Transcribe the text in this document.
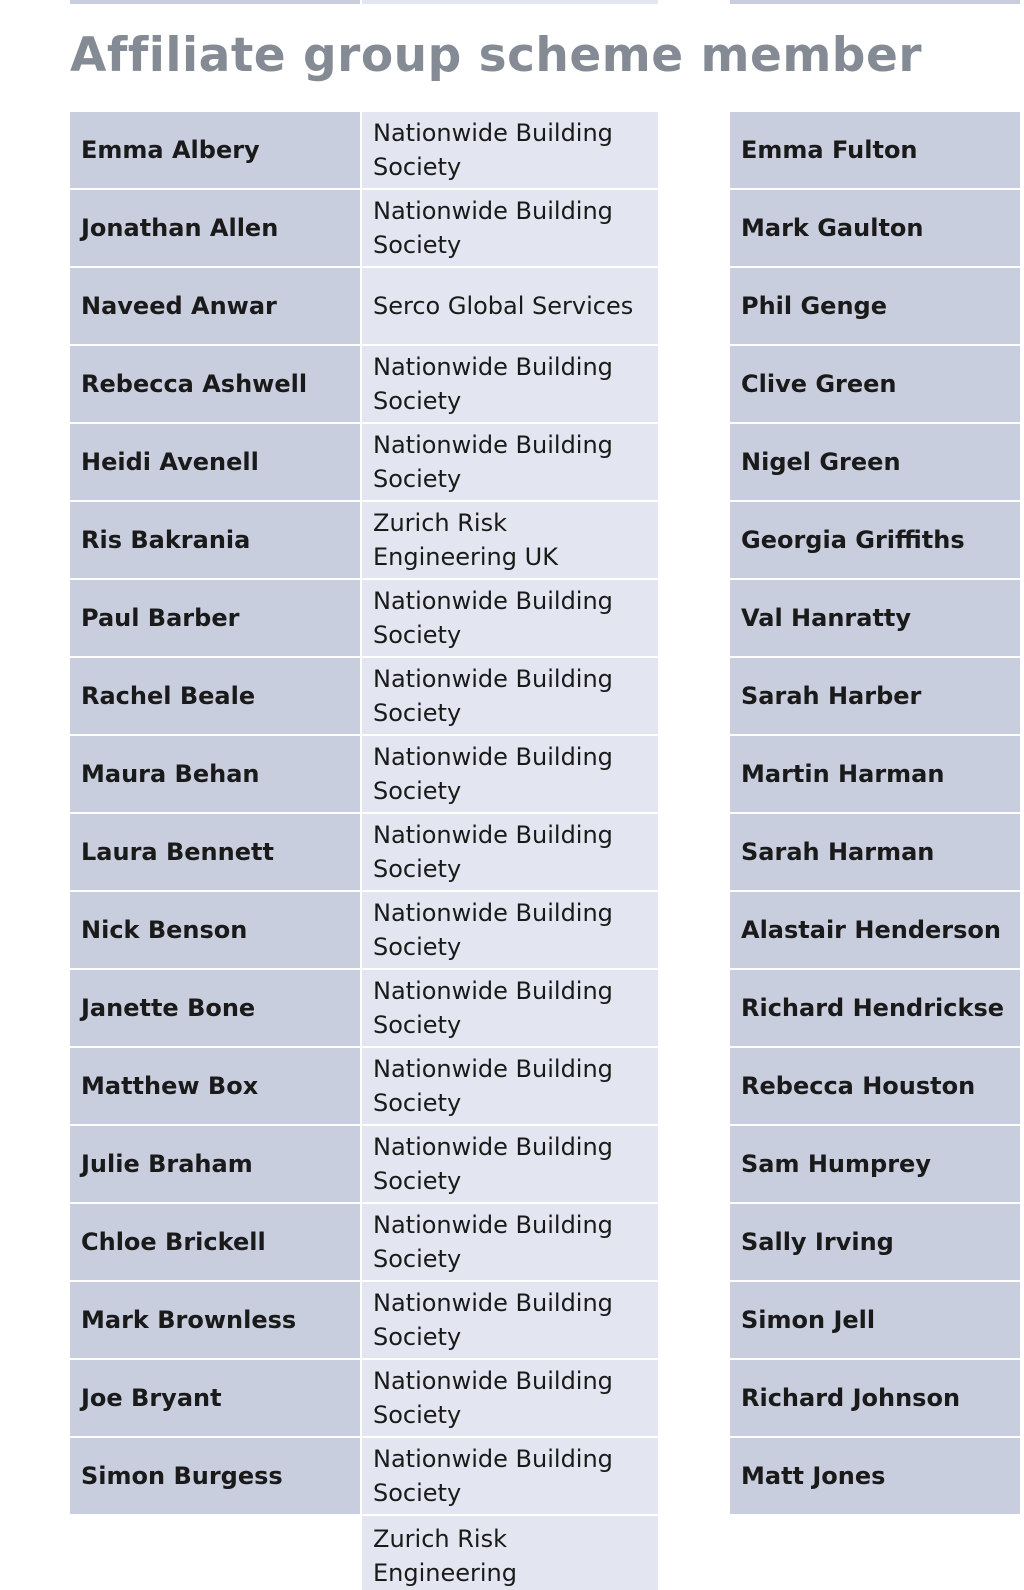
Affiliate group scheme member
Emma Albery
Nationwide Building Society
Jonathan Allen
Nationwide Building Society
Naveed Anwar	Serco Global Services
Rebecca Ashwell
Nationwide Building Society
Heidi Avenell
Nationwide Building Society
Ris Bakrania
Zurich Risk Engineering UK
Paul Barber
Nationwide Building Society
Rachel Beale
Nationwide Building Society
Maura Behan
Nationwide Building Society
Laura Bennett
Nationwide Building Society
Nick Benson
Nationwide Building Society
Janette Bone
Nationwide Building Society
Matthew Box
Nationwide Building Society
Julie Braham
Nationwide Building Society
Chloe Brickell
Nationwide Building Society
Mark Brownless
Nationwide Building Society
Joe Bryant
Nationwide Building Society
Simon Burgess
Nationwide Building Society
Zurich Risk Engineering
Emma Fulton
Mark Gaulton
Phil Genge
Clive Green
Nigel Green
Georgia Griffiths
Val Hanratty
Sarah Harber
Martin Harman
Sarah Harman
Alastair Henderson
Richard Hendrickse
Rebecca Houston
Sam Humprey
Sally Irving
Simon Jell
Richard Johnson
Matt Jones
